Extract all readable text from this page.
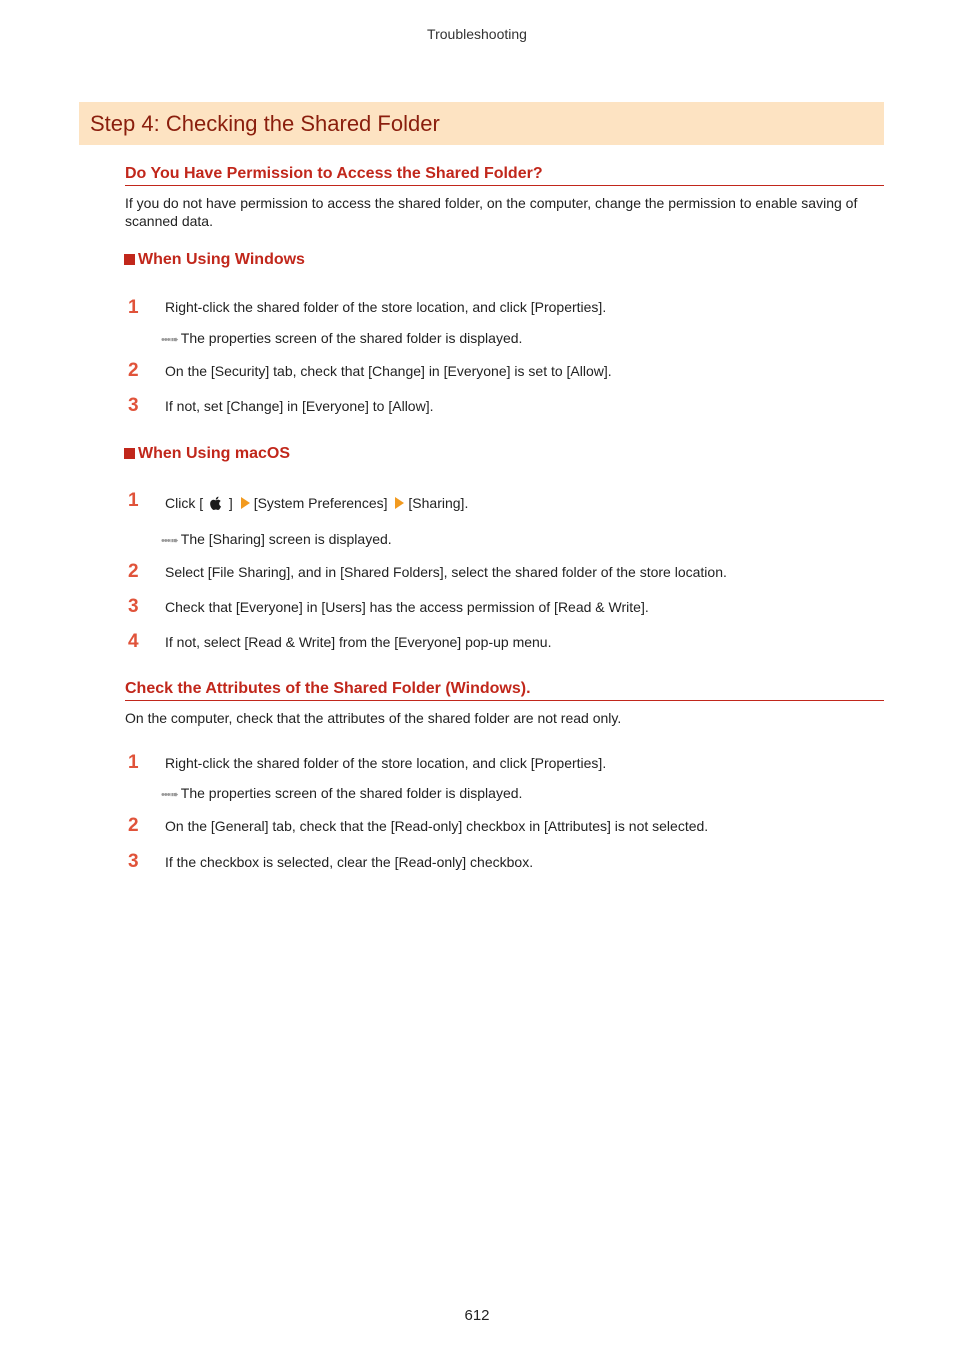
Troubleshooting
Step 4: Checking the Shared Folder
Do You Have Permission to Access the Shared Folder?
If you do not have permission to access the shared folder, on the computer, change the permission to enable saving of scanned data.
When Using Windows
1	Right-click the shared folder of the store location, and click [Properties].
•••➠ The properties screen of the shared folder is displayed.
2	On the [Security] tab, check that [Change] in [Everyone] is set to [Allow].
3	If not, set [Change] in [Everyone] to [Allow].
When Using macOS
1	Click [ ] [System Preferences] [Sharing].
•••➠ The [Sharing] screen is displayed.
2	Select [File Sharing], and in [Shared Folders], select the shared folder of the store location.
3	Check that [Everyone] in [Users] has the access permission of [Read & Write].
4	If not, select [Read & Write] from the [Everyone] pop-up menu.
Check the Attributes of the Shared Folder (Windows).
On the computer, check that the attributes of the shared folder are not read only.
1	Right-click the shared folder of the store location, and click [Properties].
•••➠ The properties screen of the shared folder is displayed.
2	On the [General] tab, check that the [Read-only] checkbox in [Attributes] is not selected.
3	If the checkbox is selected, clear the [Read-only] checkbox.
612
